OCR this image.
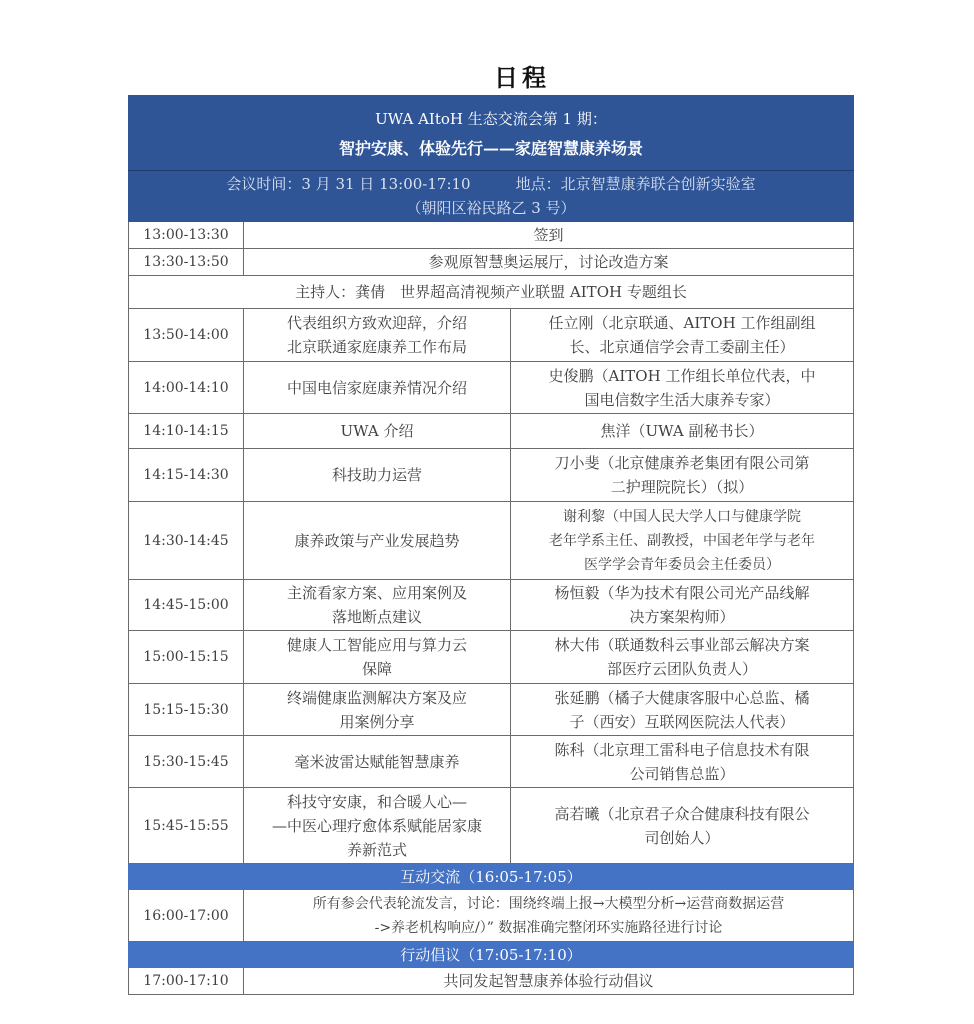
日程
UWA AItoH 生态交流会第 1 期：
智护安康、体验先行——家庭智慧康养场景		

会议时间：3 月 31 日 13:00-17:10　　　地点：北京智慧康养联合创新实验室
（朝阳区裕民路乙 3 号）		

13:00-13:30	签到	
13:30-13:50	参观原智慧奥运展厅，讨论改造方案	
主持人：龚倩　世界超高清视频产业联盟 AITOH 专题组长		
13:50-14:00	代表组织方致欢迎辞，介绍
北京联通家庭康养工作布局	任立刚（北京联通、AITOH 工作组副组
长、北京通信学会青工委副主任）

14:00-14:10	中国电信家庭康养情况介绍	史俊鹏（AITOH 工作组长单位代表，中
国电信数字生活大康养专家）

14:10-14:15	UWA 介绍	焦洋（UWA 副秘书长）

14:15-14:30	科技助力运营	刀小斐（北京健康养老集团有限公司第
二护理院院长）（拟）

14:30-14:45	康养政策与产业发展趋势	谢利黎（中国人民大学人口与健康学院
老年学系主任、副教授，中国老年学与老年
医学学会青年委员会主任委员）

14:45-15:00	主流看家方案、应用案例及
落地断点建议	杨恒毅（华为技术有限公司光产品线解
决方案架构师）

15:00-15:15	健康人工智能应用与算力云
保障	林大伟（联通数科云事业部云解决方案
部医疗云团队负责人）

15:15-15:30	终端健康监测解决方案及应
用案例分享	张延鹏（橘子大健康客服中心总监、橘
子（西安）互联网医院法人代表）

15:30-15:45	毫米波雷达赋能智慧康养	陈科（北京理工雷科电子信息技术有限
公司销售总监）

15:45-15:55	科技守安康，和合暖人心—
—中医心理疗愈体系赋能居家康
养新范式	高若曦（北京君子众合健康科技有限公
司创始人）

互动交流（16:05-17:05）		
16:00-17:00	所有参会代表轮流发言，讨论：围绕终端上报→大模型分析→运营商数据运营
->养老机构响应/）” 数据准确完整闭环实施路径进行讨论	

行动倡议（17:05-17:10）		
17:00-17:10	共同发起智慧康养体验行动倡议	
